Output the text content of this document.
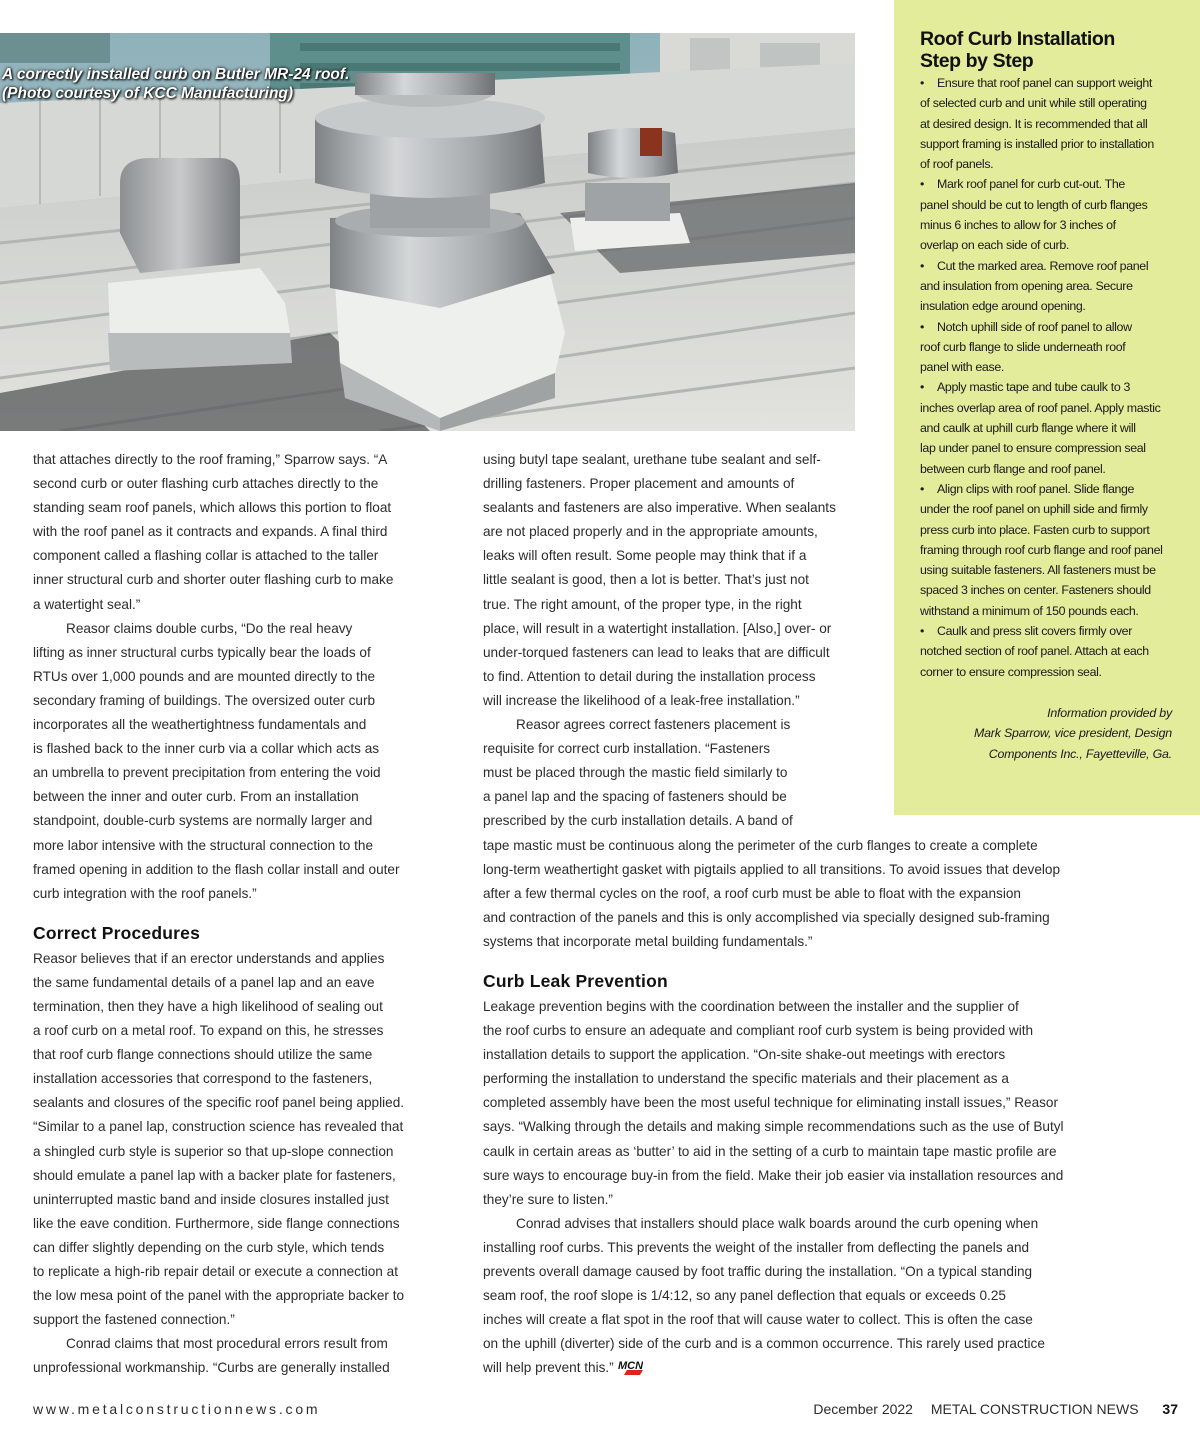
A correctly installed curb on Butler MR-24 roof.
(Photo courtesy of KCC Manufacturing)
Roof Curb Installation
Step by Step
• Ensure that roof panel can support weight
of selected curb and unit while still operating
at desired design. It is recommended that all
support framing is installed prior to installation
of roof panels.
• Mark roof panel for curb cut-out. The
panel should be cut to length of curb flanges
minus 6 inches to allow for 3 inches of
overlap on each side of curb.
• Cut the marked area. Remove roof panel
and insulation from opening area. Secure
insulation edge around opening.
• Notch uphill side of roof panel to allow
roof curb flange to slide underneath roof
panel with ease.
• Apply mastic tape and tube caulk to 3
inches overlap area of roof panel. Apply mastic
and caulk at uphill curb flange where it will
lap under panel to ensure compression seal
between curb flange and roof panel.
• Align clips with roof panel. Slide flange
under the roof panel on uphill side and firmly
press curb into place. Fasten curb to support
framing through roof curb flange and roof panel
using suitable fasteners. All fasteners must be
spaced 3 inches on center. Fasteners should
withstand a minimum of 150 pounds each.
• Caulk and press slit covers firmly over
notched section of roof panel. Attach at each
corner to ensure compression seal.
Information provided by
Mark Sparrow, vice president, Design
Components Inc., Fayetteville, Ga.
that attaches directly to the roof framing,” Sparrow says. “A
second curb or outer flashing curb attaches directly to the
standing seam roof panels, which allows this portion to float
with the roof panel as it contracts and expands. A final third
component called a flashing collar is attached to the taller
inner structural curb and shorter outer flashing curb to make
a watertight seal.”
Reasor claims double curbs, “Do the real heavy
lifting as inner structural curbs typically bear the loads of
RTUs over 1,000 pounds and are mounted directly to the
secondary framing of buildings. The oversized outer curb
incorporates all the weathertightness fundamentals and
is flashed back to the inner curb via a collar which acts as
an umbrella to prevent precipitation from entering the void
between the inner and outer curb. From an installation
standpoint, double-curb systems are normally larger and
more labor intensive with the structural connection to the
framed opening in addition to the flash collar install and outer
curb integration with the roof panels.”
Correct Procedures
Reasor believes that if an erector understands and applies
the same fundamental details of a panel lap and an eave
termination, then they have a high likelihood of sealing out
a roof curb on a metal roof. To expand on this, he stresses
that roof curb flange connections should utilize the same
installation accessories that correspond to the fasteners,
sealants and closures of the specific roof panel being applied.
“Similar to a panel lap, construction science has revealed that
a shingled curb style is superior so that up-slope connection
should emulate a panel lap with a backer plate for fasteners,
uninterrupted mastic band and inside closures installed just
like the eave condition. Furthermore, side flange connections
can differ slightly depending on the curb style, which tends
to replicate a high-rib repair detail or execute a connection at
the low mesa point of the panel with the appropriate backer to
support the fastened connection.”
Conrad claims that most procedural errors result from
unprofessional workmanship. “Curbs are generally installed
using butyl tape sealant, urethane tube sealant and self-
drilling fasteners. Proper placement and amounts of
sealants and fasteners are also imperative. When sealants
are not placed properly and in the appropriate amounts,
leaks will often result. Some people may think that if a
little sealant is good, then a lot is better. That’s just not
true. The right amount, of the proper type, in the right
place, will result in a watertight installation. [Also,] over- or
under-torqued fasteners can lead to leaks that are difficult
to find. Attention to detail during the installation process
will increase the likelihood of a leak-free installation.”
Reasor agrees correct fasteners placement is
requisite for correct curb installation. “Fasteners
must be placed through the mastic field similarly to
a panel lap and the spacing of fasteners should be
prescribed by the curb installation details. A band of
tape mastic must be continuous along the perimeter of the curb flanges to create a complete
long-term weathertight gasket with pigtails applied to all transitions. To avoid issues that develop
after a few thermal cycles on the roof, a roof curb must be able to float with the expansion
and contraction of the panels and this is only accomplished via specially designed sub-framing
systems that incorporate metal building fundamentals.”
Curb Leak Prevention
Leakage prevention begins with the coordination between the installer and the supplier of
the roof curbs to ensure an adequate and compliant roof curb system is being provided with
installation details to support the application. “On-site shake-out meetings with erectors
performing the installation to understand the specific materials and their placement as a
completed assembly have been the most useful technique for eliminating install issues,” Reasor
says. “Walking through the details and making simple recommendations such as the use of Butyl
caulk in certain areas as ‘butter’ to aid in the setting of a curb to maintain tape mastic profile are
sure ways to encourage buy-in from the field. Make their job easier via installation resources and
they’re sure to listen.”
Conrad advises that installers should place walk boards around the curb opening when
installing roof curbs. This prevents the weight of the installer from deflecting the panels and
prevents overall damage caused by foot traffic during the installation. “On a typical standing
seam roof, the roof slope is 1/4:12, so any panel deflection that equals or exceeds 0.25
inches will create a flat spot in the roof that will cause water to collect. This is often the case
on the uphill (diverter) side of the curb and is a common occurrence. This rarely used practice
will help prevent this.” MCN
www.metalconstructionnews.com	December 2022 METAL CONSTRUCTION NEWS 37
